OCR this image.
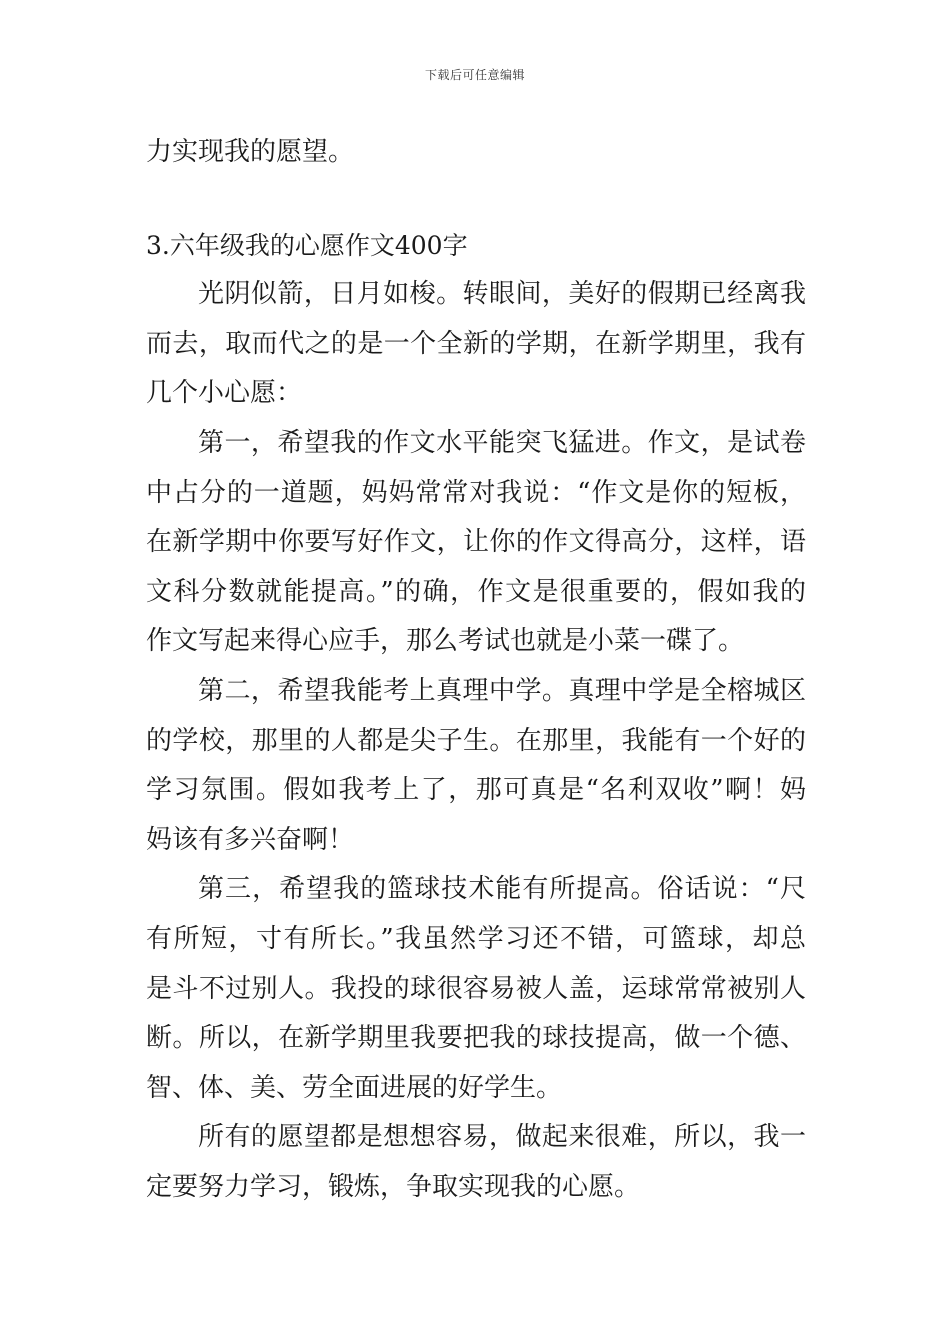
下载后可任意编辑
力实现我的愿望。
3.六年级我的心愿作文400字
光阴似箭，日月如梭。转眼间，美好的假期已经离我
而去，取而代之的是一个全新的学期，在新学期里，我有
几个小心愿：
第一，希望我的作文水平能突飞猛进。作文，是试卷
中占分的一道题，妈妈常常对我说：“作文是你的短板，
在新学期中你要写好作文，让你的作文得高分，这样，语
文科分数就能提高。”的确，作文是很重要的，假如我的
作文写起来得心应手，那么考试也就是小菜一碟了。
第二，希望我能考上真理中学。真理中学是全榕城区
的学校，那里的人都是尖子生。在那里，我能有一个好的
学习氛围。假如我考上了，那可真是“名利双收”啊！妈
妈该有多兴奋啊！
第三，希望我的篮球技术能有所提高。俗话说：“尺
有所短，寸有所长。”我虽然学习还不错，可篮球，却总
是斗不过别人。我投的球很容易被人盖，运球常常被别人
断。所以，在新学期里我要把我的球技提高，做一个德、
智、体、美、劳全面进展的好学生。
所有的愿望都是想想容易，做起来很难，所以，我一
定要努力学习，锻炼，争取实现我的心愿。
